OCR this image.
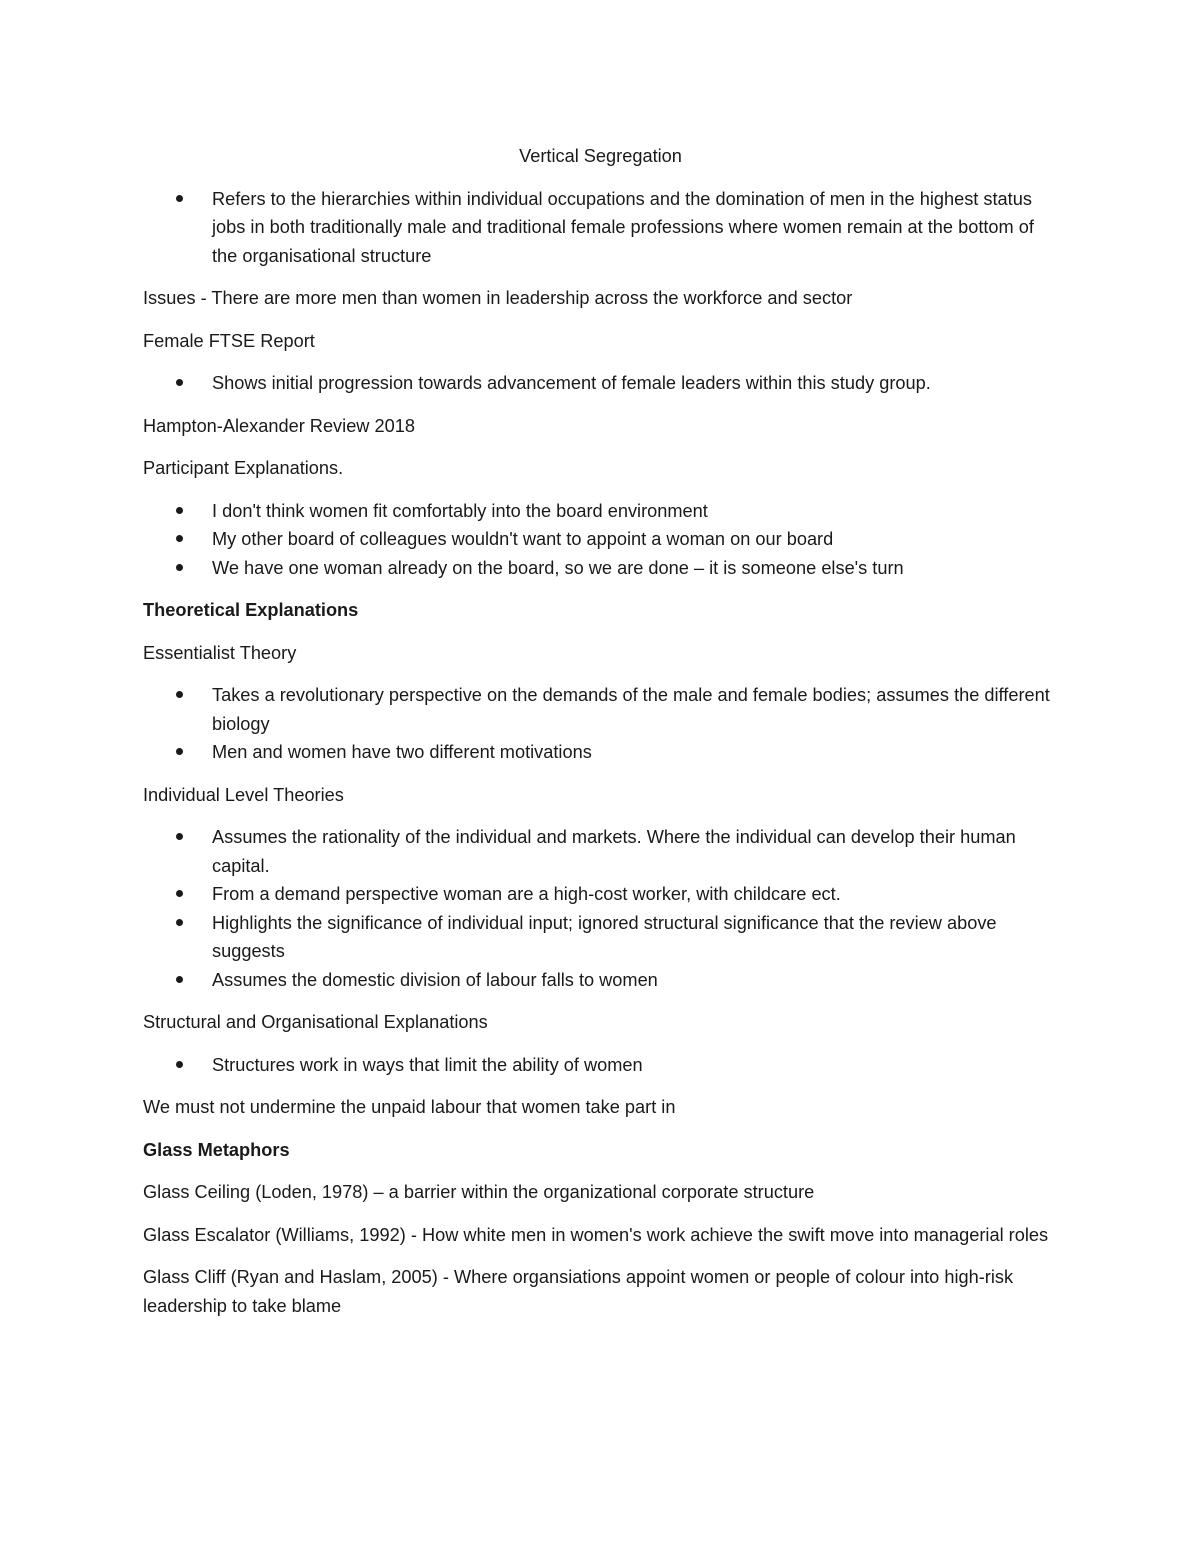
Vertical Segregation
Refers to the hierarchies within individual occupations and the domination of men in the highest status jobs in both traditionally male and traditional female professions where women remain at the bottom of the organisational structure
Issues - There are more men than women in leadership across the workforce and sector
Female FTSE Report
Shows initial progression towards advancement of female leaders within this study group.
Hampton-Alexander Review 2018
Participant Explanations.
I don't think women fit comfortably into the board environment
My other board of colleagues wouldn't want to appoint a woman on our board
We have one woman already on the board, so we are done – it is someone else's turn
Theoretical Explanations
Essentialist Theory
Takes a revolutionary perspective on the demands of the male and female bodies; assumes the different biology
Men and women have two different motivations
Individual Level Theories
Assumes the rationality of the individual and markets. Where the individual can develop their human capital.
From a demand perspective woman are a high-cost worker, with childcare ect.
Highlights the significance of individual input; ignored structural significance that the review above suggests
Assumes the domestic division of labour falls to women
Structural and Organisational Explanations
Structures work in ways that limit the ability of women
We must not undermine the unpaid labour that women take part in
Glass Metaphors
Glass Ceiling (Loden, 1978) – a barrier within the organizational corporate structure
Glass Escalator (Williams, 1992) - How white men in women's work achieve the swift move into managerial roles
Glass Cliff (Ryan and Haslam, 2005) - Where organsiations appoint women or people of colour into high-risk leadership to take blame
